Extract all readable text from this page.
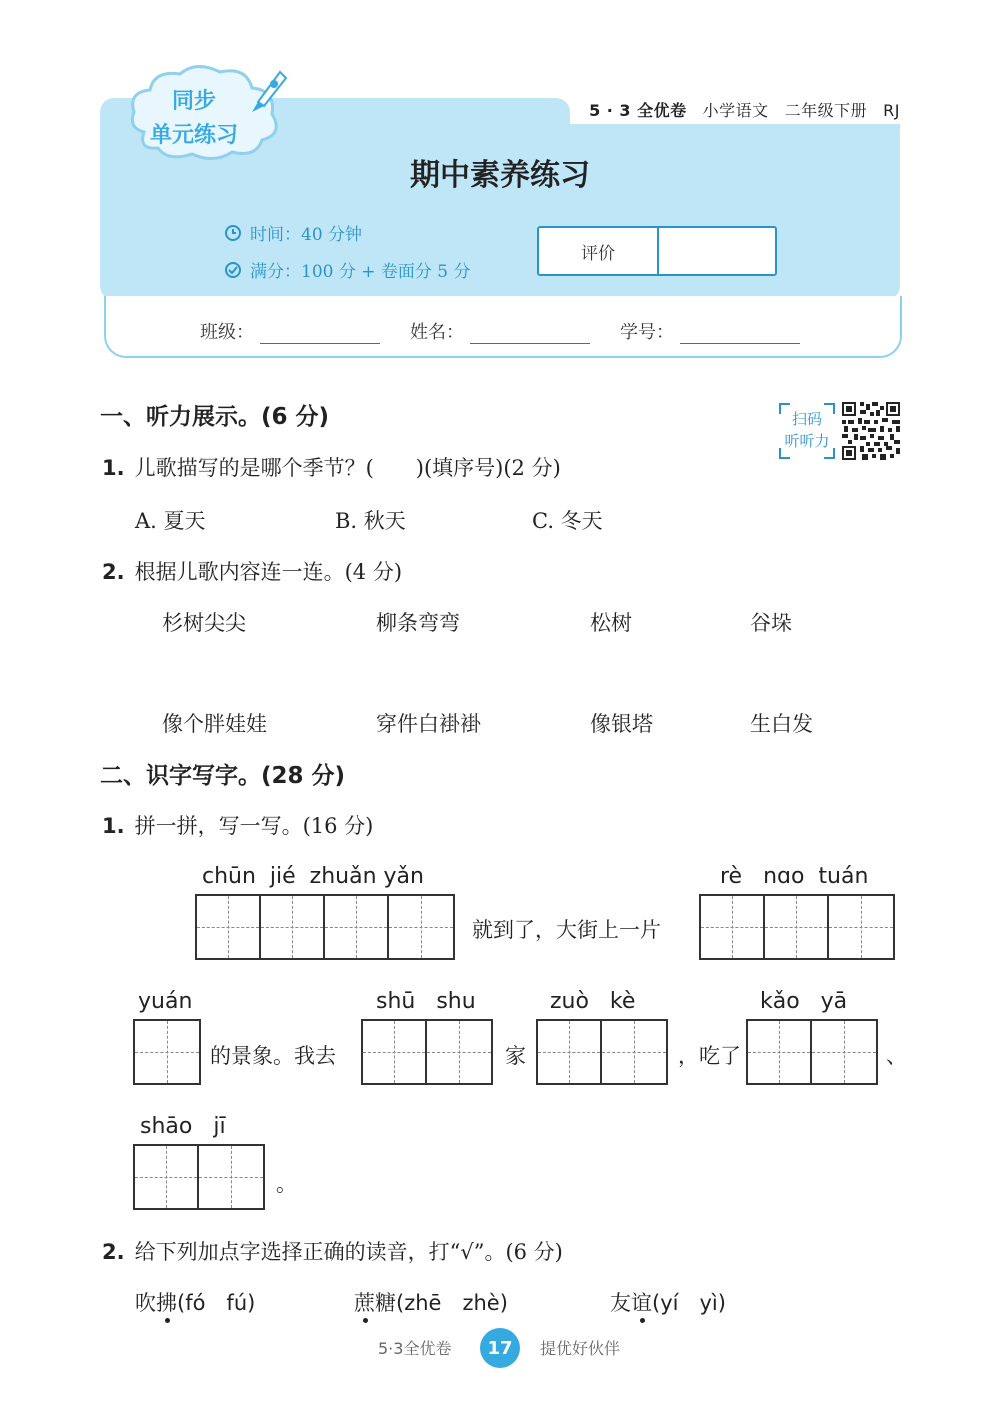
同步
单元练习
5 · 3 全优卷 小学语文 二年级下册 RJ
期中素养练习
时间：40 分钟
满分：100 分 + 卷面分 5 分
评价
班级：	姓名：	学号：
一、听力展示。(6 分)	扫码
听听力
1. 儿歌描写的是哪个季节？(　　)(填序号)(2 分)
A. 夏天	B. 秋天	C. 冬天
2. 根据儿歌内容连一连。(4 分)
杉树尖尖	柳条弯弯	松树	谷垛
像个胖娃娃	穿件白褂褂	像银塔	生白发
二、识字写字。(28 分)
1. 拼一拼，写一写。(16 分)
chūn  jié  zhuǎn yǎn
就到了，大街上一片
rè   nɑo  tuán
yuán
的景象。我去
shū   shu
家
zuò   kè
，吃了
kǎo   yā
、
shāo   jī
。
2. 给下列加点字选择正确的读音，打“√”。(6 分)
吹拂(fó　fú)	蔗糖(zhē　zhè)	友谊(yí　yì)
5·3全优卷	17	提优好伙伴
